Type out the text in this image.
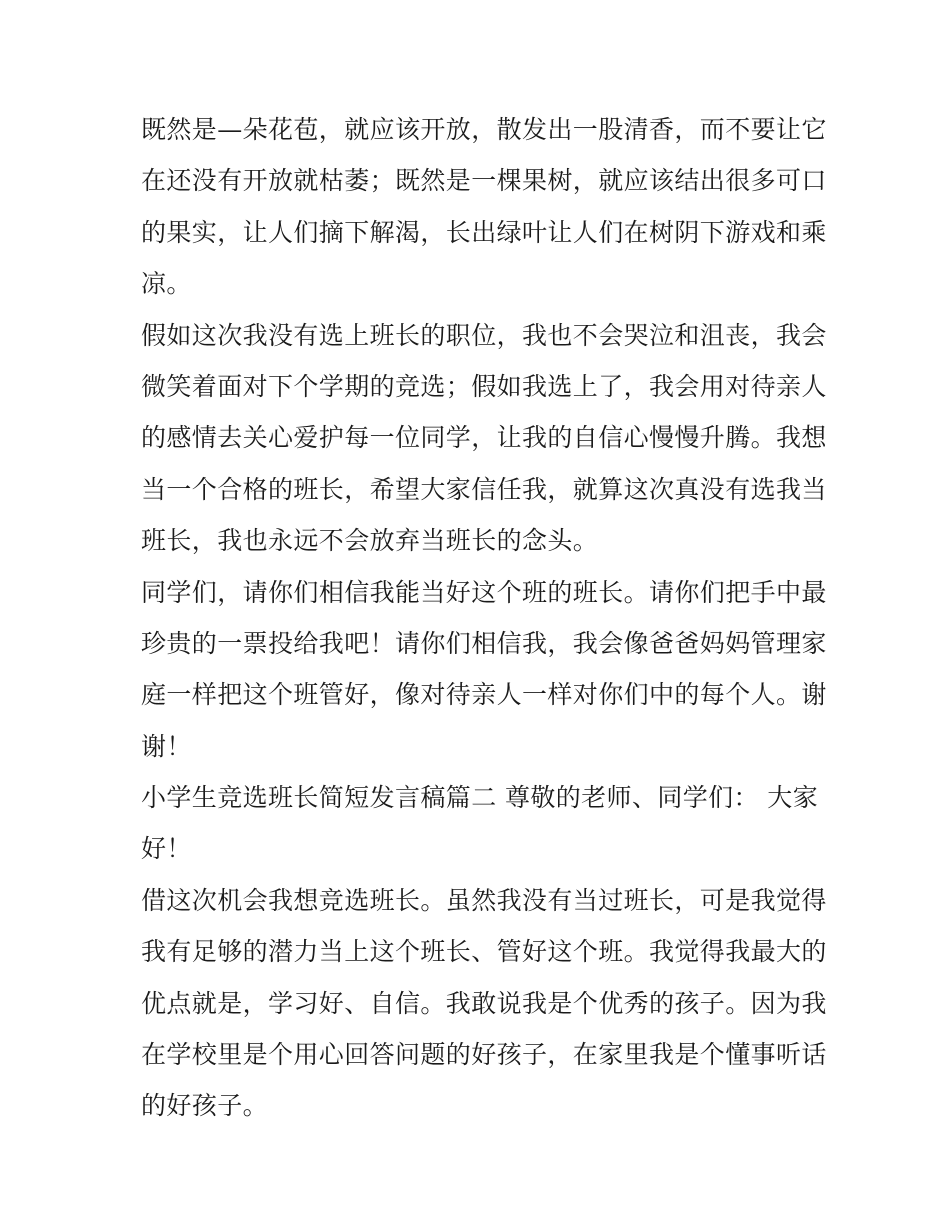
既然是—朵花苞，就应该开放，散发出一股清香，而不要让它
在还没有开放就枯萎；既然是一棵果树，就应该结出很多可口
的果实，让人们摘下解渴，长出绿叶让人们在树阴下游戏和乘
凉。

假如这次我没有选上班长的职位，我也不会哭泣和沮丧，我会
微笑着面对下个学期的竞选；假如我选上了，我会用对待亲人
的感情去关心爱护每一位同学，让我的自信心慢慢升腾。我想
当一个合格的班长，希望大家信任我，就算这次真没有选我当
班长，我也永远不会放弃当班长的念头。

同学们，请你们相信我能当好这个班的班长。请你们把手中最
珍贵的一票投给我吧！请你们相信我，我会像爸爸妈妈管理家
庭一样把这个班管好，像对待亲人一样对你们中的每个人。谢
谢！

小学生竞选班长简短发言稿篇二 尊敬的老师、同学们： 大家
好！

借这次机会我想竞选班长。虽然我没有当过班长，可是我觉得
我有足够的潜力当上这个班长、管好这个班。我觉得我最大的
优点就是，学习好、自信。我敢说我是个优秀的孩子。因为我
在学校里是个用心回答问题的好孩子，在家里我是个懂事听话
的好孩子。
